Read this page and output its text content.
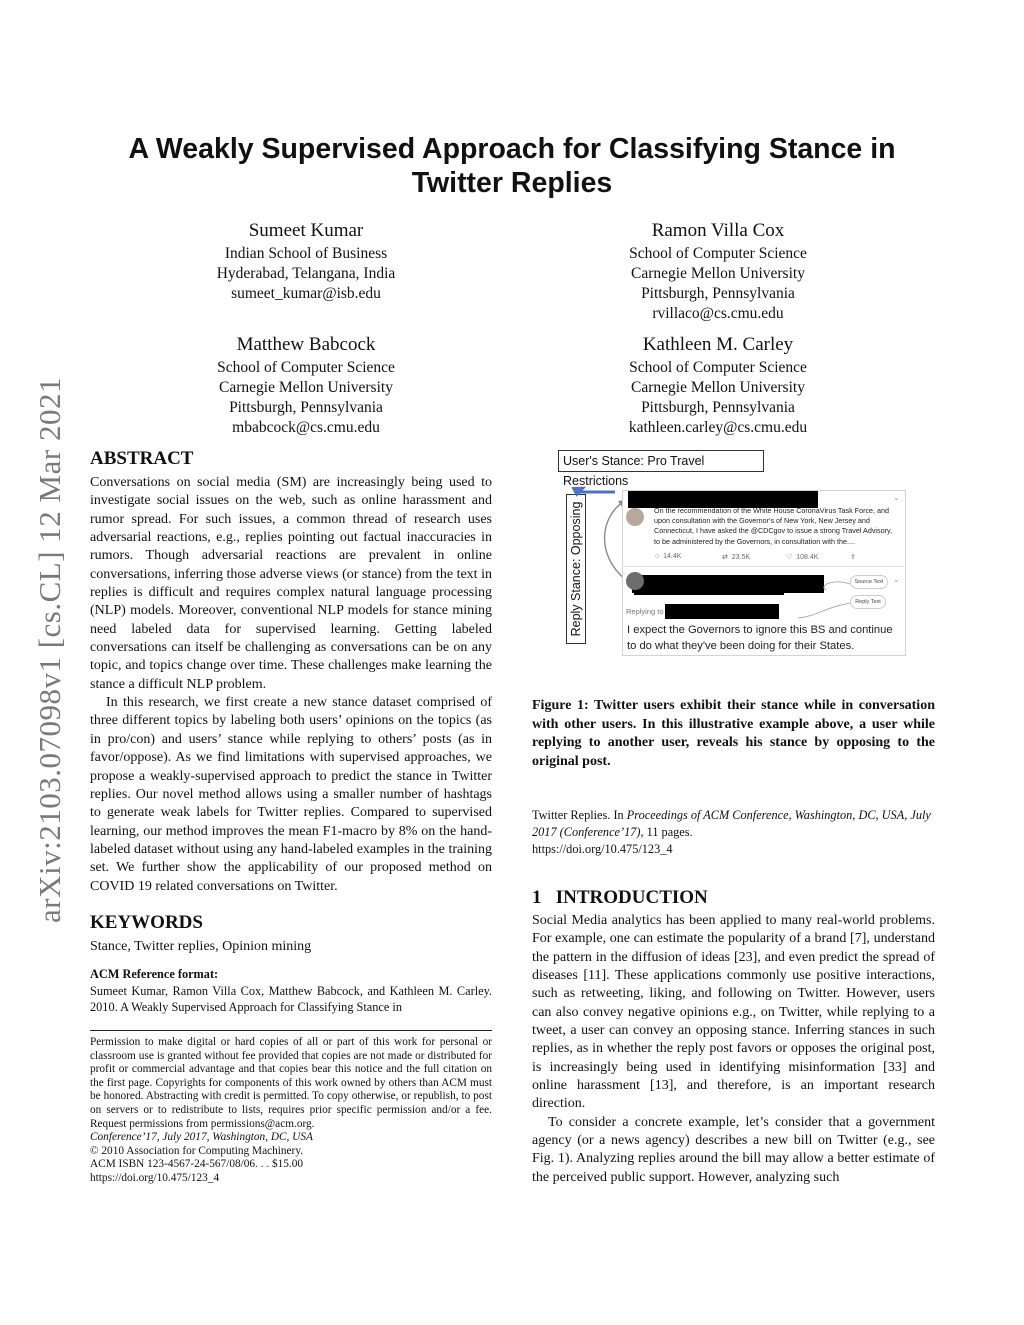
arXiv:2103.07098v1 [cs.CL] 12 Mar 2021
A Weakly Supervised Approach for Classifying Stance in Twitter Replies
Sumeet Kumar
Indian School of Business
Hyderabad, Telangana, India
sumeet_kumar@isb.edu
Ramon Villa Cox
School of Computer Science
Carnegie Mellon University
Pittsburgh, Pennsylvania
rvillaco@cs.cmu.edu
Matthew Babcock
School of Computer Science
Carnegie Mellon University
Pittsburgh, Pennsylvania
mbabcock@cs.cmu.edu
Kathleen M. Carley
School of Computer Science
Carnegie Mellon University
Pittsburgh, Pennsylvania
kathleen.carley@cs.cmu.edu
ABSTRACT

Conversations on social media (SM) are increasingly being used to investigate social issues on the web, such as online harassment and rumor spread. For such issues, a common thread of research uses adversarial reactions, e.g., replies pointing out factual inaccuracies in rumors. Though adversarial reactions are prevalent in online conversations, inferring those adverse views (or stance) from the text in replies is difficult and requires complex natural language processing (NLP) models. Moreover, conventional NLP models for stance mining need labeled data for supervised learning. Getting labeled conversations can itself be challenging as conversations can be on any topic, and topics change over time. These challenges make learning the stance a difficult NLP problem.

In this research, we first create a new stance dataset comprised of three different topics by labeling both users’ opinions on the topics (as in pro/con) and users’ stance while replying to others’ posts (as in favor/oppose). As we find limitations with supervised approaches, we propose a weakly-supervised approach to predict the stance in Twitter replies. Our novel method allows using a smaller number of hashtags to generate weak labels for Twitter replies. Compared to supervised learning, our method improves the mean F1-macro by 8% on the hand-labeled dataset without using any hand-labeled examples in the training set. We further show the applicability of our proposed method on COVID 19 related conversations on Twitter.

KEYWORDS
Stance, Twitter replies, Opinion mining
ACM Reference format:
Sumeet Kumar, Ramon Villa Cox, Matthew Babcock, and Kathleen M. Carley. 2010. A Weakly Supervised Approach for Classifying Stance in
Permission to make digital or hard copies of all or part of this work for personal or classroom use is granted without fee provided that copies are not made or distributed for profit or commercial advantage and that copies bear this notice and the full citation on the first page. Copyrights for components of this work owned by others than ACM must be honored. Abstracting with credit is permitted. To copy otherwise, or republish, to post on servers or to redistribute to lists, requires prior specific permission and/or a fee. Request permissions from permissions@acm.org.
Conference’17, July 2017, Washington, DC, USA
© 2010 Association for Computing Machinery.
ACM ISBN 123-4567-24-567/08/06. . . $15.00
https://doi.org/10.475/123_4
User's Stance: Pro Travel Restrictions
Reply Stance: Opposing	On the recommendation of the White House CoronaVirus Task Force, and upon consultation with the Governor's of New York, New Jersey and Connecticut, I have asked the @CDCgov to issue a strong Travel Advisory, to be administered by the Governors, in consultation with the....
⌄
○  14.4K	⇄  23.5K	♡  108.4K	⇪
Source Text
Reply Text
⌄
Replying to
I expect the Governors to ignore this BS and continue to do what they've been doing for their States.
Figure 1: Twitter users exhibit their stance while in conversation with other users. In this illustrative example above, a user while replying to another user, reveals his stance by opposing to the original post.
Twitter Replies. In Proceedings of ACM Conference, Washington, DC, USA, July 2017 (Conference’17), 11 pages.
https://doi.org/10.475/123_4
1 INTRODUCTION

Social Media analytics has been applied to many real-world problems. For example, one can estimate the popularity of a brand [7], understand the pattern in the diffusion of ideas [23], and even predict the spread of diseases [11]. These applications commonly use positive interactions, such as retweeting, liking, and following on Twitter. However, users can also convey negative opinions e.g., on Twitter, while replying to a tweet, a user can convey an opposing stance. Inferring stances in such replies, as in whether the reply post favors or opposes the original post, is increasingly being used in identifying misinformation [33] and online harassment [13], and therefore, is an important research direction.

To consider a concrete example, let’s consider that a government agency (or a news agency) describes a new bill on Twitter (e.g., see Fig. 1). Analyzing replies around the bill may allow a better estimate of the perceived public support. However, analyzing such
